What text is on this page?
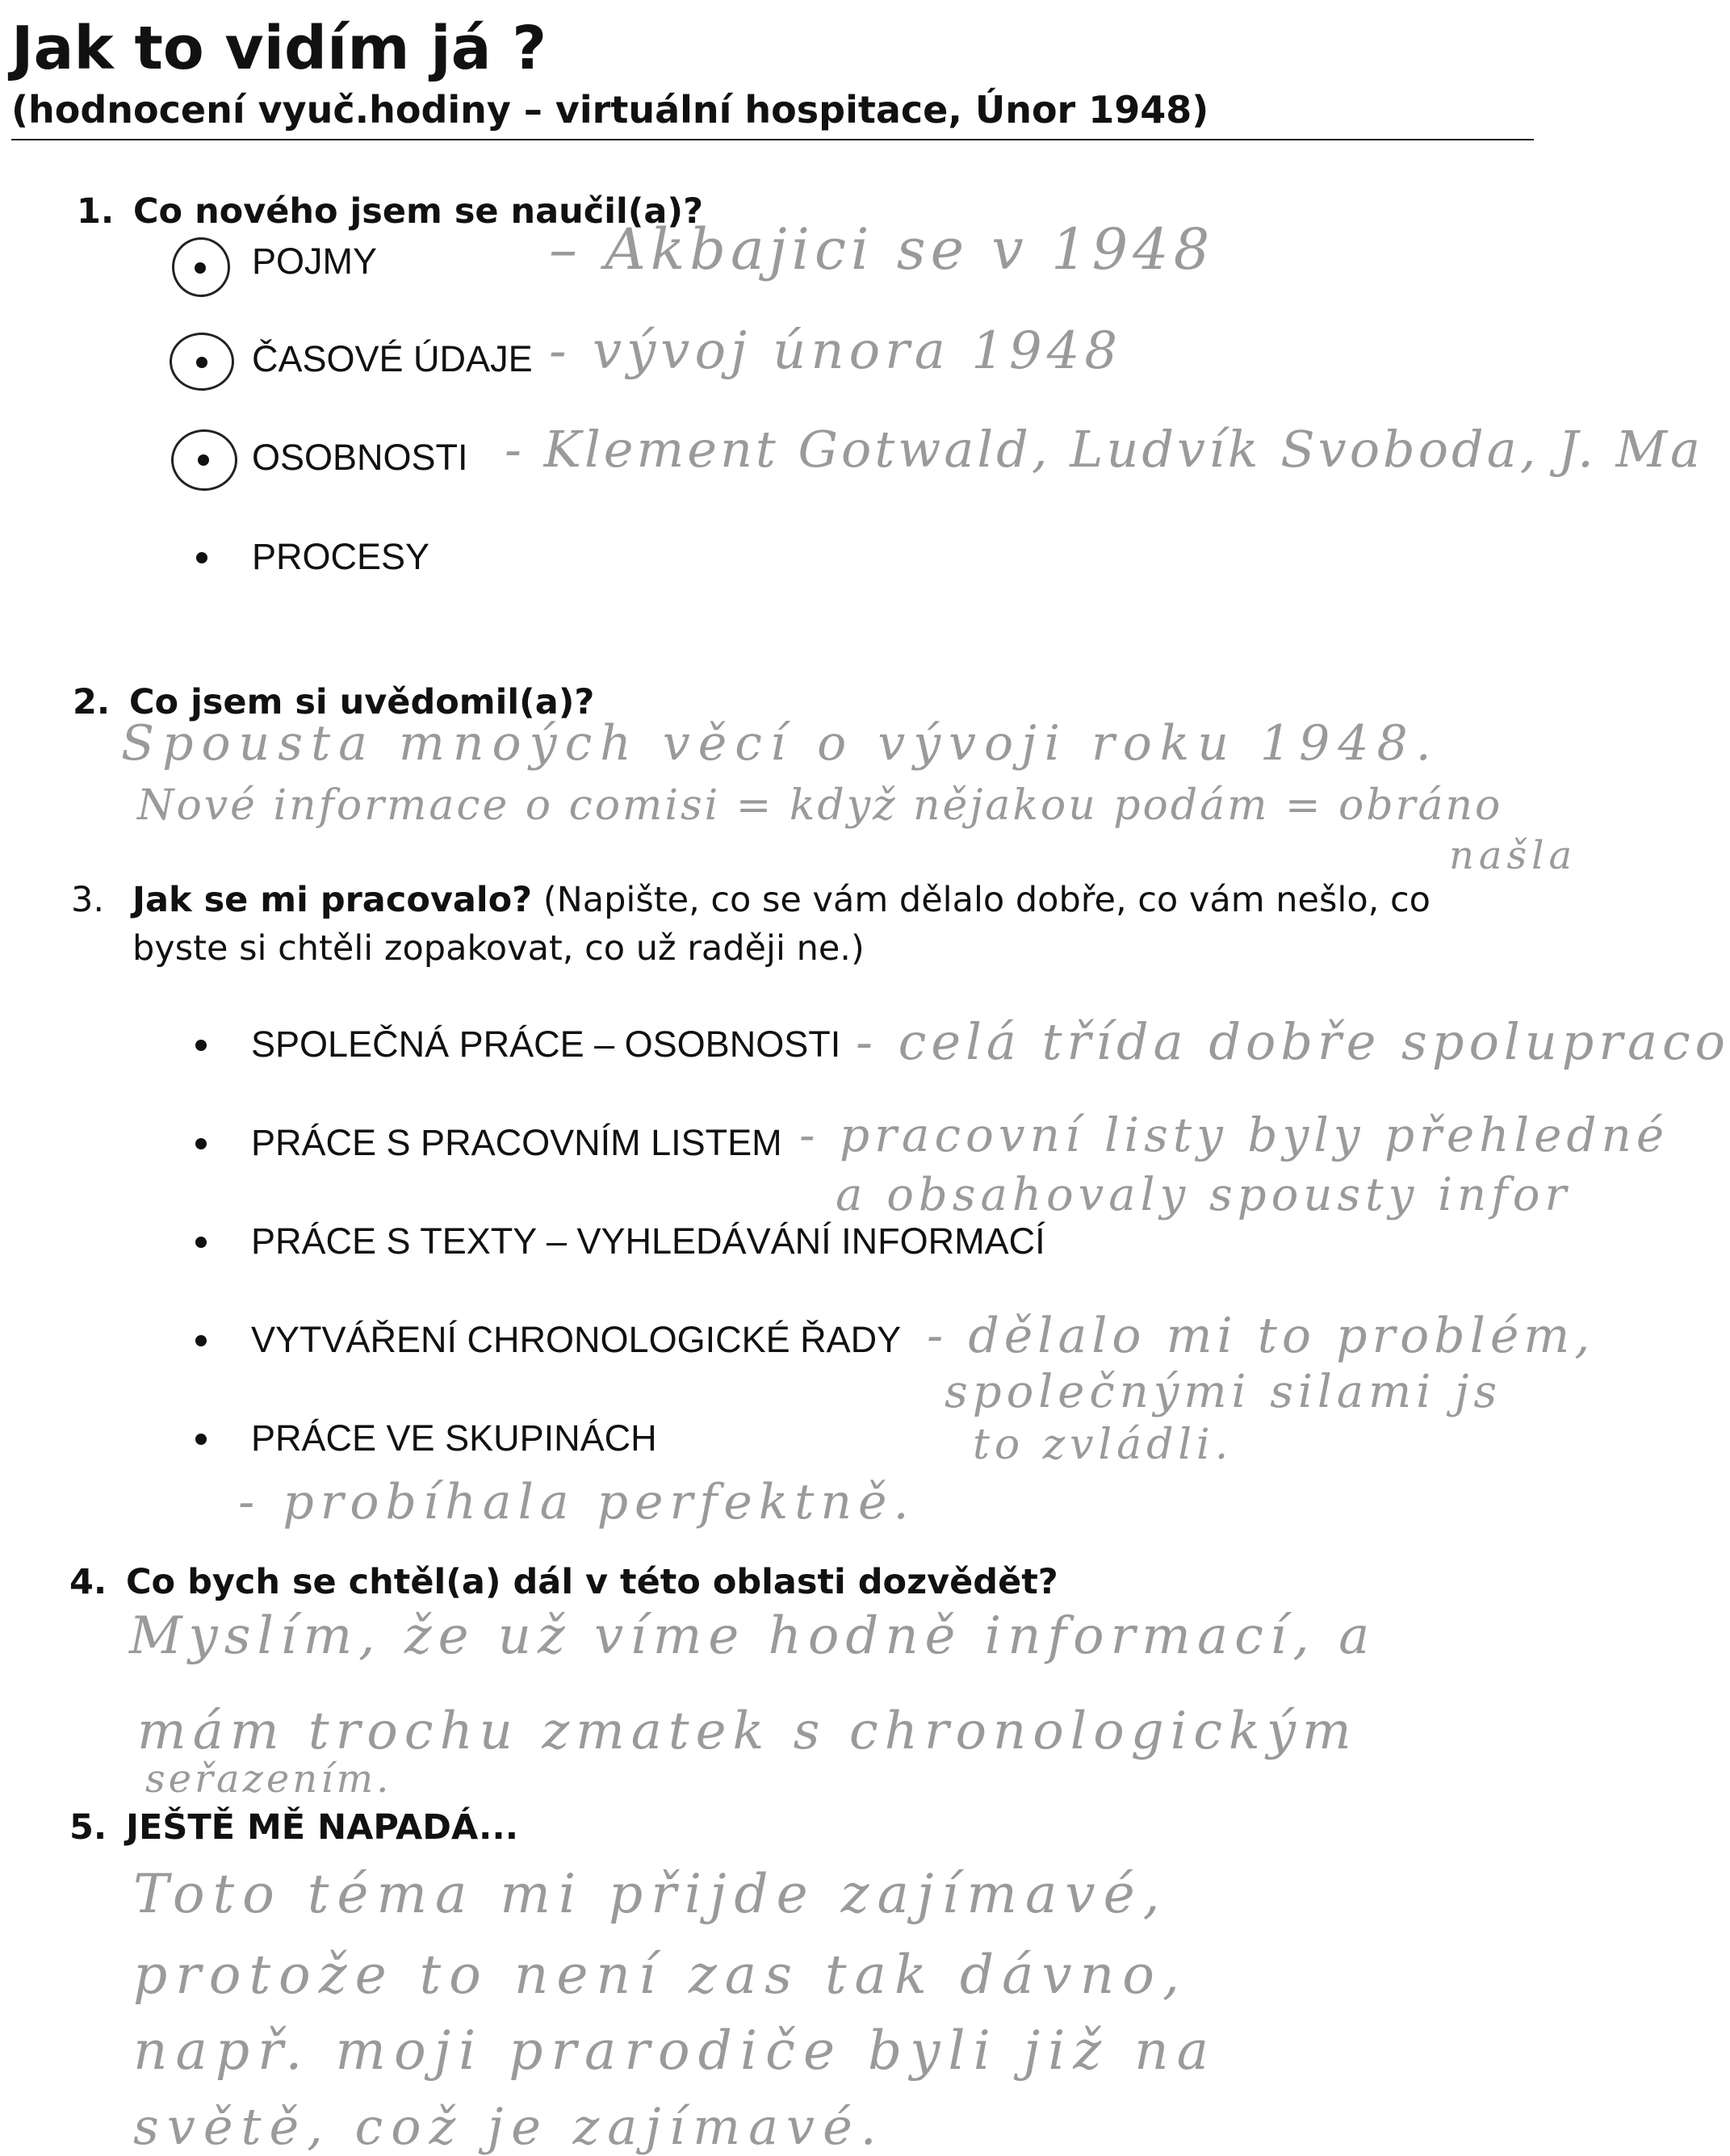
Jak to vidím já ?
(hodnocení vyuč.hodiny – virtuální hospitace, Únor 1948)
1. Co nového jsem se naučil(a)?
POJMY	– Akbajici se v 1948
ČASOVÉ ÚDAJE - vývoj února 1948
OSOBNOSTI - Klement Gotwald, Ludvík Svoboda, J. Ma
PROCESY
2. Co jsem si uvědomil(a)?
Spousta mnoých věcí o vývoji roku 1948.
Nové informace o comisi = když nějakou podám = obráno
našla
3. Jak se mi pracovalo? (Napište, co se vám dělalo dobře, co vám nešlo, co byste si chtěli zopakovat, co už raději ne.)
SPOLEČNÁ PRÁCE – OSOBNOSTI - celá třída dobře spolupraco
PRÁCE S PRACOVNÍM LISTEM - pracovní listy byly přehledné
PRÁCE S TEXTY – VYHLEDÁVÁNÍ INFORMACÍ
a obsahovaly spousty infor
VYTVÁŘENÍ CHRONOLOGICKÉ ŘADY - dělalo mi to problém,
společnými silami js
to zvládli.
PRÁCE VE SKUPINÁCH
- probíhala perfektně.
4. Co bych se chtěl(a) dál v této oblasti dozvědět?
Myslím, že už víme hodně informací, a
mám trochu zmatek s chronologickým
seřazením.
5. JEŠTĚ MĚ NAPADÁ...
Toto téma mi přijde zajímavé,
protože to není zas tak dávno,
např. moji prarodiče byli již na
světě, což je zajímavé.
